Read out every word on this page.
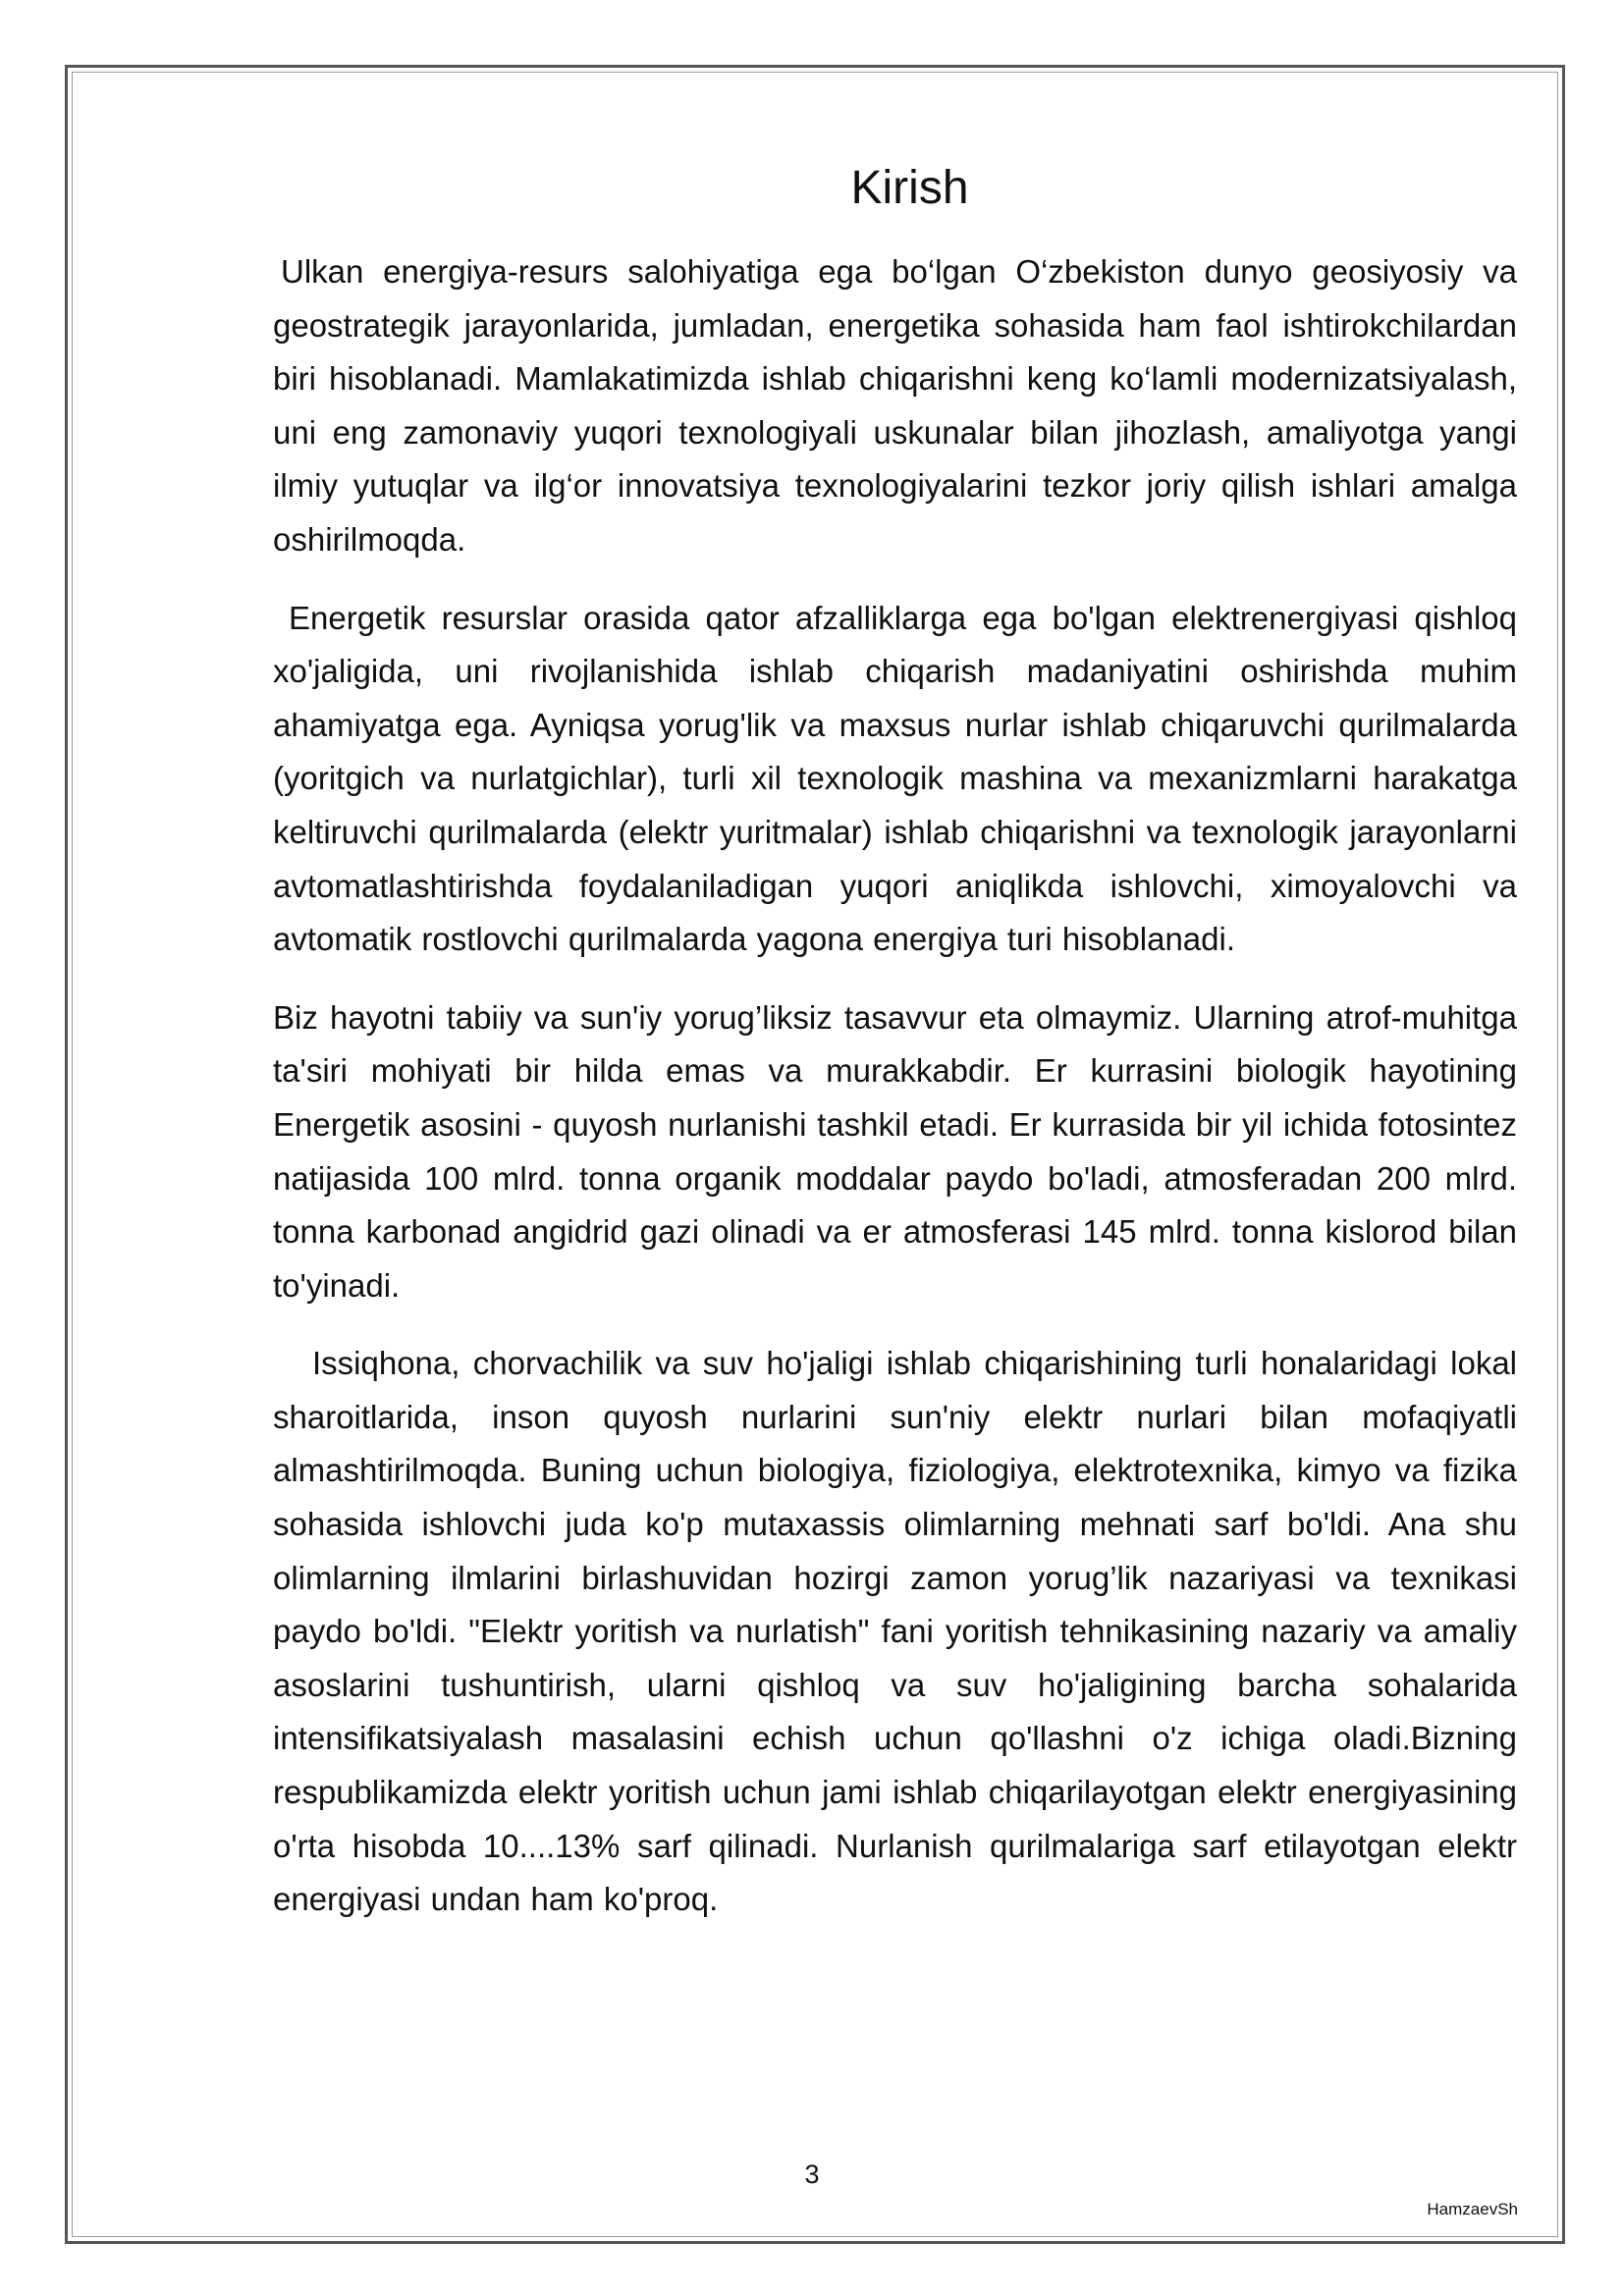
Kirish

Ulkan energiya-resurs salohiyatiga ega bo‘lgan O‘zbekiston dunyo geosiyosiy va geostrategik jarayonlarida, jumladan, energetika sohasida ham faol ishtirokchilardan biri hisoblanadi. Mamlakatimizda ishlab chiqarishni keng ko‘lamli modernizatsiyalash, uni eng zamonaviy yuqori texnologiyali uskunalar bilan jihozlash, amaliyotga yangi ilmiy yutuqlar va ilg‘or innovatsiya texnologiyalarini tezkor joriy qilish ishlari amalga oshirilmoqda.

Energetik resurslar orasida qator afzalliklarga ega bo'lgan elektrenergiyasi qishloq xo'jaligida, uni rivojlanishida ishlab chiqarish madaniyatini oshirishda muhim ahamiyatga ega. Ayniqsa yorug'lik va maxsus nurlar ishlab chiqaruvchi qurilmalarda (yoritgich va nurlatgichlar), turli xil texnologik mashina va mexanizmlarni harakatga keltiruvchi qurilmalarda (elektr yuritmalar) ishlab chiqarishni va texnologik jarayonlarni avtomatlashtirishda foydalaniladigan yuqori aniqlikda ishlovchi, ximoyalovchi va avtomatik rostlovchi qurilmalarda yagona energiya turi hisoblanadi.

Biz hayotni tabiiy va sun'iy yorug’liksiz tasavvur eta olmaymiz. Ularning atrof-muhitga ta'siri mohiyati bir hilda emas va murakkabdir. Er kurrasini biologik hayotining Energetik asosini - quyosh nurlanishi tashkil etadi. Er kurrasida bir yil ichida fotosintez natijasida 100 mlrd. tonna organik moddalar paydo bo'ladi, atmosferadan 200 mlrd. tonna karbonad angidrid gazi olinadi va er atmosferasi 145 mlrd. tonna kislorod bilan to'yinadi.

Issiqhona, chorvachilik va suv ho'jaligi ishlab chiqarishining turli honalaridagi lokal sharoitlarida, inson quyosh nurlarini sun'niy elektr nurlari bilan mofaqiyatli almashtirilmoqda. Buning uchun biologiya, fiziologiya, elektrotexnika, kimyo va fizika sohasida ishlovchi juda ko'p mutaxassis olimlarning mehnati sarf bo'ldi. Ana shu olimlarning ilmlarini birlashuvidan hozirgi zamon yorug’lik nazariyasi va texnikasi paydo bo'ldi. "Elektr yoritish va nurlatish" fani yoritish tehnikasining nazariy va amaliy asoslarini tushuntirish, ularni qishloq va suv ho'jaligining barcha sohalarida intensifikatsiyalash masalasini echish uchun qo'llashni o'z ichiga oladi.Bizning respublikamizda elektr yoritish uchun jami ishlab chiqarilayotgan elektr energiyasining o'rta hisobda 10....13% sarf qilinadi. Nurlanish qurilmalariga sarf etilayotgan elektr energiyasi undan ham ko'proq.

3
HamzaevSh
